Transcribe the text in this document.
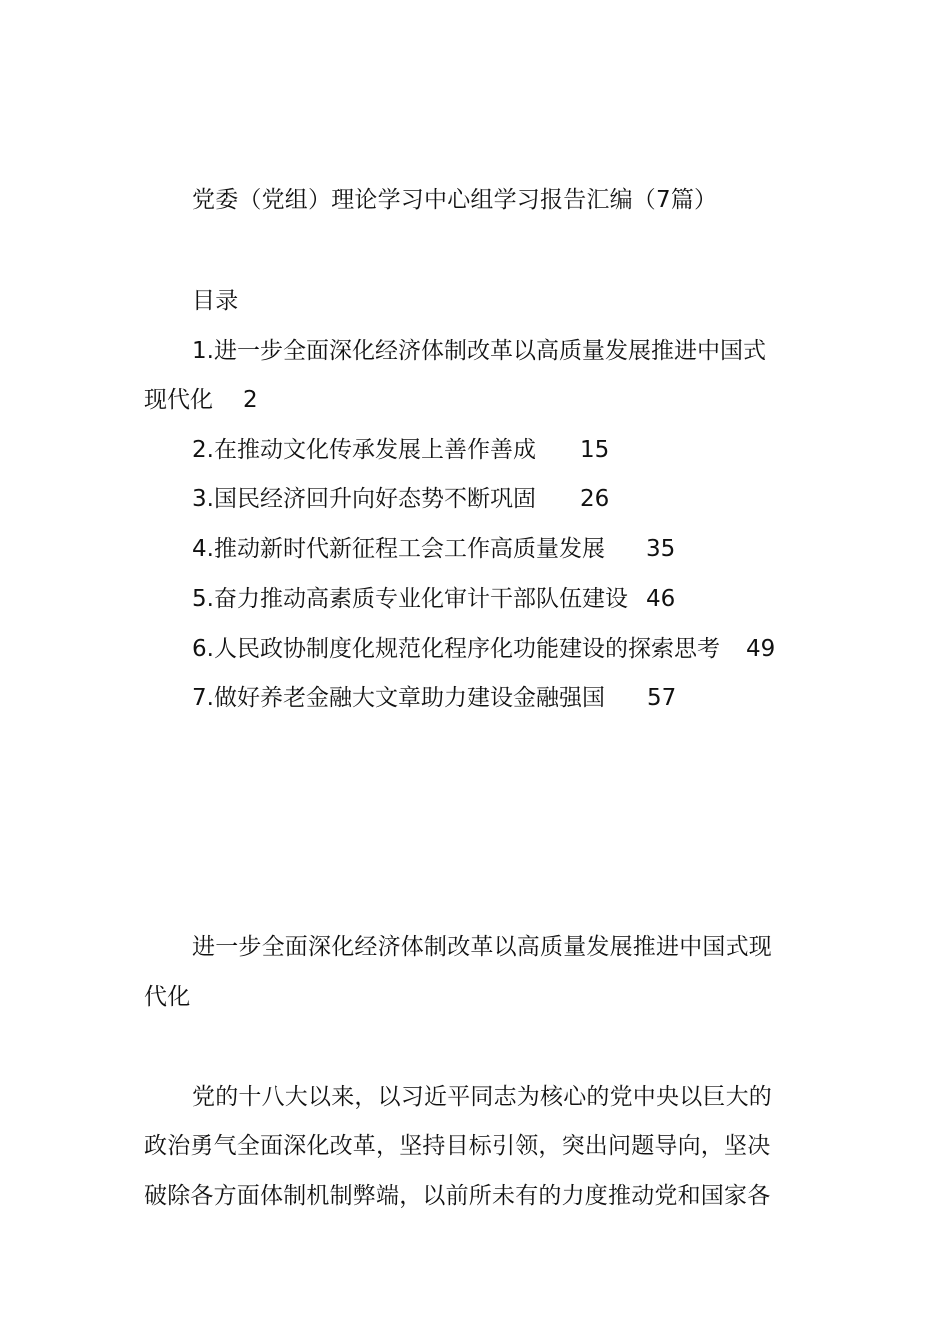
党委（党组）理论学习中心组学习报告汇编（7篇）
目录
1.进一步全面深化经济体制改革以高质量发展推进中国式
现代化 2
2.在推动文化传承发展上善作善成 15
3.国民经济回升向好态势不断巩固 26
4.推动新时代新征程工会工作高质量发展 35
5.奋力推动高素质专业化审计干部队伍建设 46
6.人民政协制度化规范化程序化功能建设的探索思考 49
7.做好养老金融大文章助力建设金融强国 57
进一步全面深化经济体制改革以高质量发展推进中国式现
代化
党的十八大以来，以习近平同志为核心的党中央以巨大的
政治勇气全面深化改革，坚持目标引领，突出问题导向，坚决
破除各方面体制机制弊端，以前所未有的力度推动党和国家各
